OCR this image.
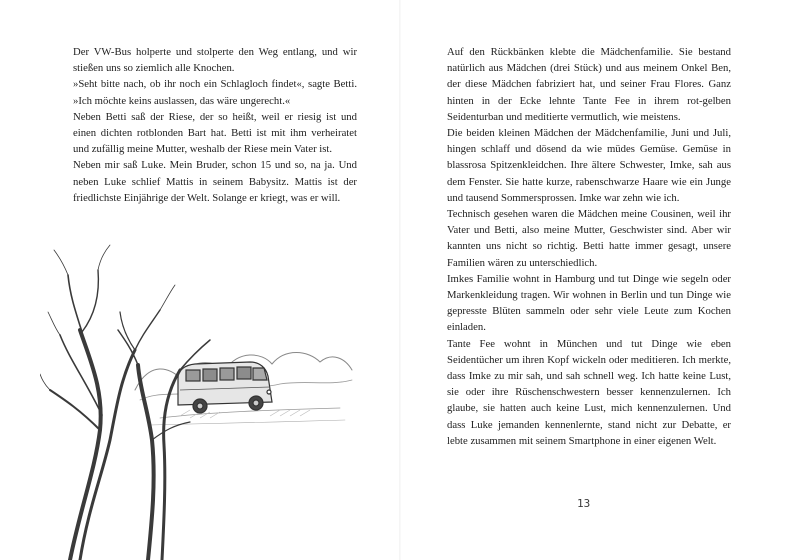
Der VW-Bus holperte und stolperte den Weg entlang, und wir stießen uns so ziemlich alle Knochen.

»Seht bitte nach, ob ihr noch ein Schlagloch findet«, sagte Betti. »Ich möchte keins auslassen, das wäre ungerecht.«

Neben Betti saß der Riese, der so heißt, weil er riesig ist und einen dichten rotblonden Bart hat. Betti ist mit ihm verheiratet und zufällig meine Mutter, weshalb der Riese mein Vater ist.

Neben mir saß Luke. Mein Bruder, schon 15 und so, na ja. Und neben Luke schlief Mattis in seinem Babysitz. Mattis ist der friedlichste Einjährige der Welt. Solange er kriegt, was er will.

Auf den Rückbänken klebte die Mädchenfamilie. Sie bestand natürlich aus Mädchen (drei Stück) und aus meinem Onkel Ben, der diese Mädchen fabriziert hat, und seiner Frau Flores. Ganz hinten in der Ecke lehnte Tante Fee in ihrem rot-gelben Seidenturban und meditierte vermutlich, wie meistens.

Die beiden kleinen Mädchen der Mädchenfamilie, Juni und Juli, hingen schlaff und dösend da wie müdes Gemüse. Gemüse in blassrosa Spitzenkleidchen. Ihre ältere Schwester, Imke, sah aus dem Fenster. Sie hatte kurze, rabenschwarze Haare wie ein Junge und tausend Sommersprossen. Imke war zehn wie ich.

Technisch gesehen waren die Mädchen meine Cousinen, weil ihr Vater und Betti, also meine Mutter, Geschwister sind. Aber wir kannten uns nicht so richtig. Betti hatte immer gesagt, unsere Familien wären zu unterschiedlich.

Imkes Familie wohnt in Hamburg und tut Dinge wie segeln oder Markenkleidung tragen. Wir wohnen in Berlin und tun Dinge wie gepresste Blüten sammeln oder sehr viele Leute zum Kochen einladen.

Tante Fee wohnt in München und tut Dinge wie eben Seidentücher um ihren Kopf wickeln oder meditieren. Ich merkte, dass Imke zu mir sah, und sah schnell weg. Ich hatte keine Lust, sie oder ihre Rüschenschwestern besser kennenzulernen. Ich glaube, sie hatten auch keine Lust, mich kennenzulernen. Und dass Luke jemanden kennenlernte, stand nicht zur Debatte, er lebte zusammen mit seinem Smartphone in einer eigenen Welt.

13
